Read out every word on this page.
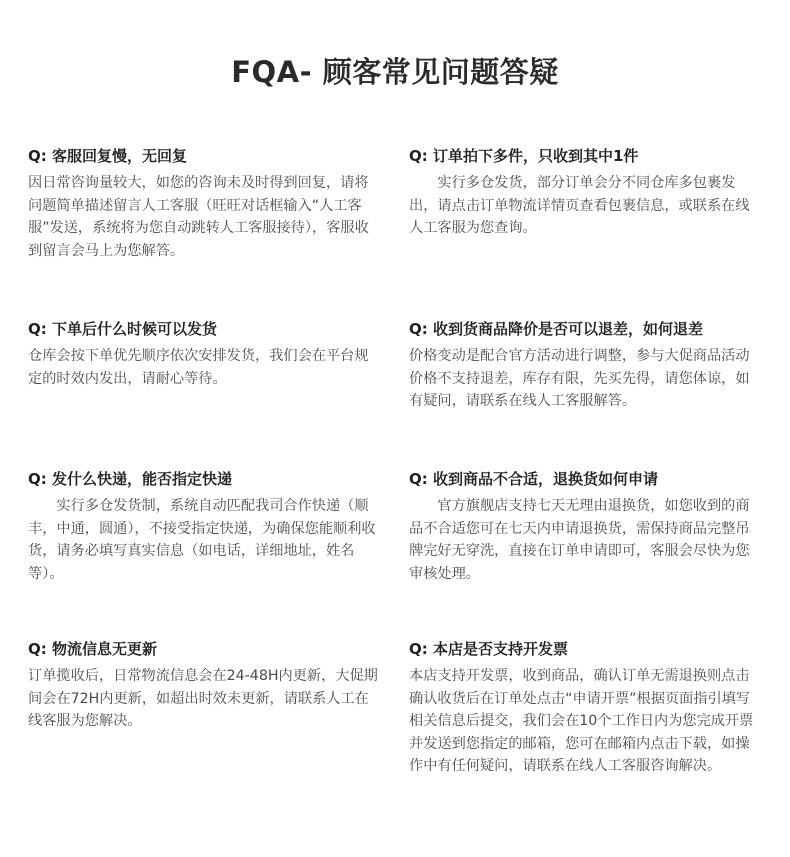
FQA- 顾客常见问题答疑

Q: 客服回复慢，无回复

因日常咨询量较大，如您的咨询未及时得到回复，请将问题简单描述留言人工客服（旺旺对话框输入“人工客服”发送，系统将为您自动跳转人工客服接待），客服收到留言会马上为您解答。

Q: 订单拍下多件，只收到其中1件

实行多仓发货，部分订单会分不同仓库多包裹发出，请点击订单物流详情页查看包裹信息，或联系在线人工客服为您查询。

Q: 下单后什么时候可以发货

仓库会按下单优先顺序依次安排发货，我们会在平台规定的时效内发出，请耐心等待。

Q: 收到货商品降价是否可以退差，如何退差

价格变动是配合官方活动进行调整，参与大促商品活动价格不支持退差，库存有限，先买先得，请您体谅，如有疑问，请联系在线人工客服解答。

Q: 发什么快递，能否指定快递

实行多仓发货制，系统自动匹配我司合作快递（顺丰，中通，圆通），不接受指定快递，为确保您能顺利收货，请务必填写真实信息（如电话，详细地址，姓名等）。

Q: 收到商品不合适，退换货如何申请

官方旗舰店支持七天无理由退换货，如您收到的商品不合适您可在七天内申请退换货，需保持商品完整吊牌完好无穿洗，直接在订单申请即可，客服会尽快为您审核处理。

Q: 物流信息无更新

订单揽收后，日常物流信息会在24-48H内更新，大促期间会在72H内更新，如超出时效未更新，请联系人工在线客服为您解决。

Q: 本店是否支持开发票

本店支持开发票，收到商品，确认订单无需退换则点击确认收货后在订单处点击“申请开票”根据页面指引填写相关信息后提交，我们会在10个工作日内为您完成开票并发送到您指定的邮箱，您可在邮箱内点击下载，如操作中有任何疑问，请联系在线人工客服咨询解决。
